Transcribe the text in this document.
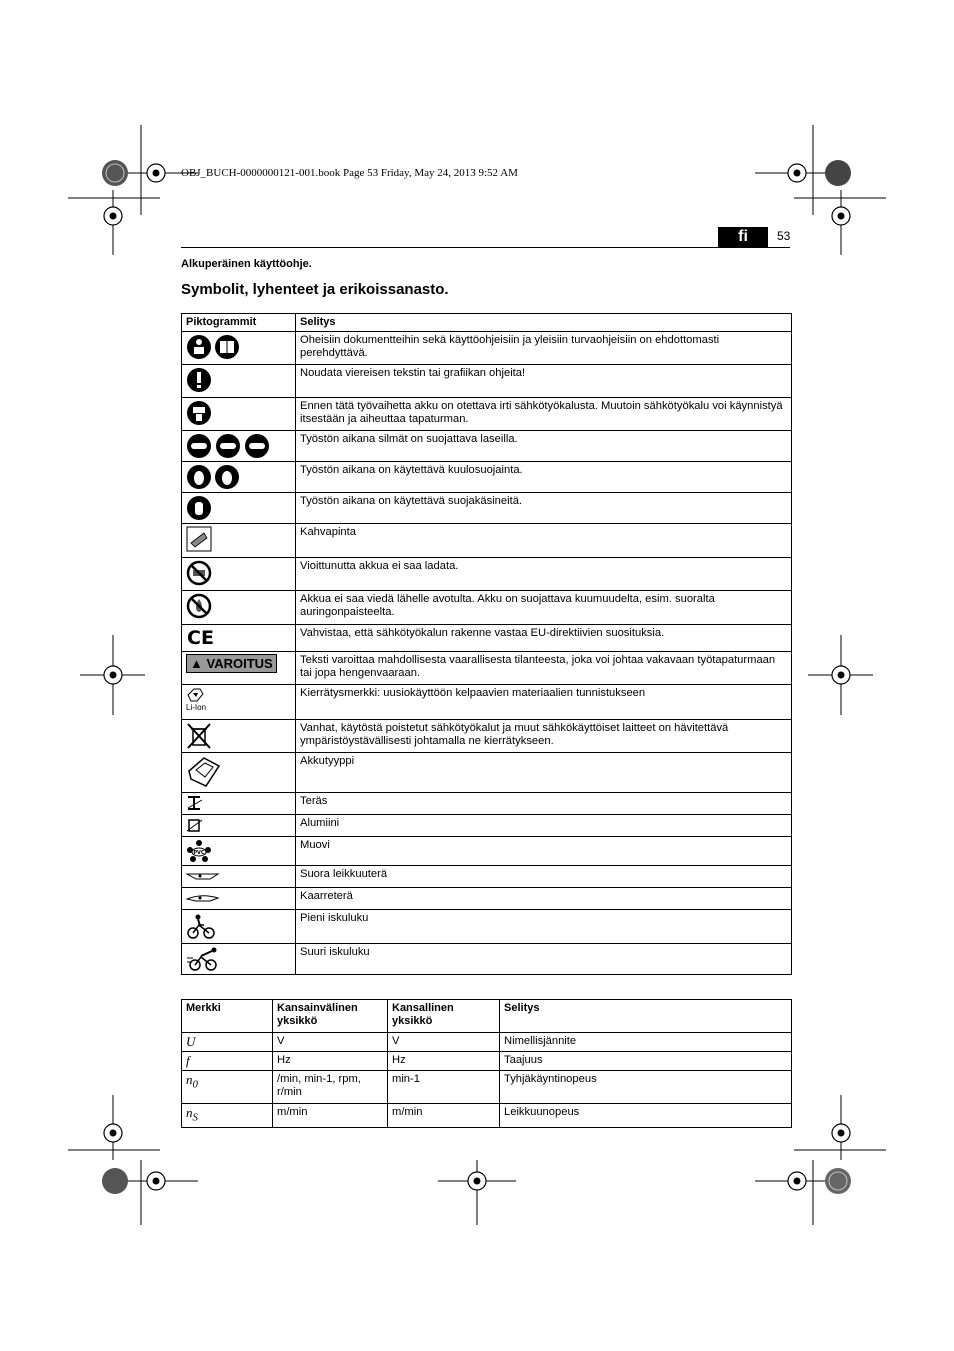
OBJ_BUCH-0000000121-001.book Page 53 Friday, May 24, 2013 9:52 AM
fi	53
Alkuperäinen käyttöohje.
Symbolit, lyhenteet ja erikoissanasto.
Piktogrammit	Selitys
	Oheisiin dokumentteihin sekä käyttöohjeisiin ja yleisiin turvaohjeisiin on ehdottomasti perehdyttävä.
	Noudata viereisen tekstin tai grafiikan ohjeita!
	Ennen tätä työvaihetta akku on otettava irti sähkötyökalusta. Muutoin sähkötyökalu voi käynnistyä itsestään ja aiheuttaa tapaturman.
	Työstön aikana silmät on suojattava laseilla.
	Työstön aikana on käytettävä kuulosuojainta.
	Työstön aikana on käytettävä suojakäsineitä.
	Kahvapinta
	Vioittunutta akkua ei saa ladata.
	Akkua ei saa viedä lähelle avotulta. Akku on suojattava kuumuudelta, esim. suoralta auringonpaisteelta.

CE	Vahvistaa, että sähkötyökalun rakenne vastaa EU-direktiivien suosituksia.
▲ VAROITUS	Teksti varoittaa mahdollisesta vaarallisesta tilanteesta, joka voi johtaa vakavaan työtapaturmaan tai jopa hengenvaaraan.

Li-Ion	Kierrätysmerkki: uusiokäyttöön kelpaavien materiaalien tunnistukseen
	Vanhat, käytöstä poistetut sähkötyökalut ja muut sähkökäyttöiset laitteet on hävitettävä ympäristöystävällisesti johtamalla ne kierrätykseen.
	Akkutyyppi
	Teräs
	Alumiini

PVC	Muovi
	Suora leikkuuterä
	Kaarreterä
	Pieni iskuluku
	Suuri iskuluku
Merkki	Kansainvälinen yksikkö	Kansallinen yksikkö	Selitys
U	V	V	Nimellisjännite
f	Hz	Hz	Taajuus
$n_0$	/min, min-1, rpm, r/min	min-1	Tyhjäkäyntinopeus
$n_S$	m/min	m/min	Leikkuunopeus
